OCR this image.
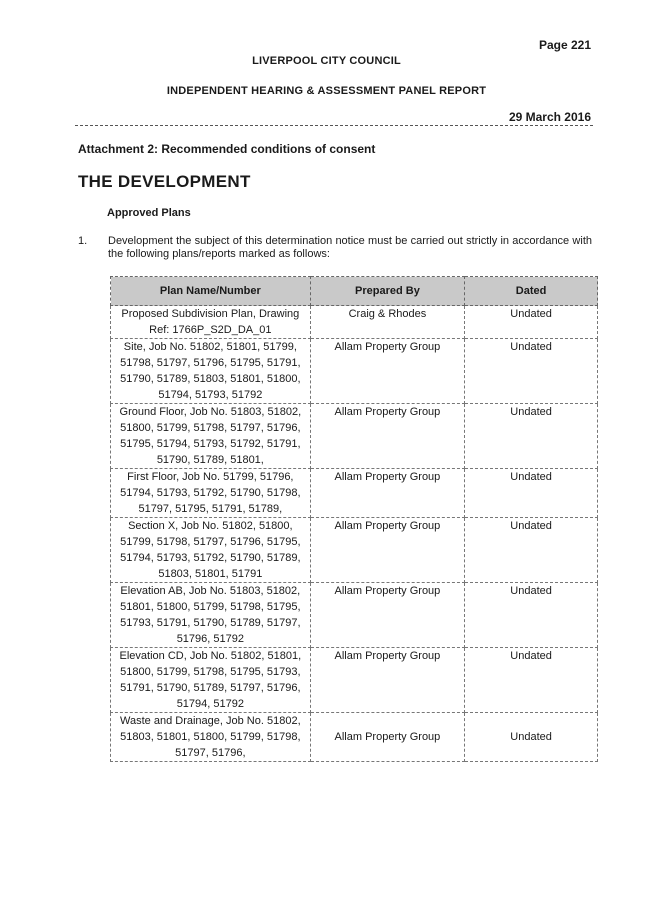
Page 221
LIVERPOOL CITY COUNCIL
INDEPENDENT HEARING & ASSESSMENT PANEL REPORT
29 March 2016
Attachment 2: Recommended conditions of consent
THE DEVELOPMENT
Approved Plans
1. Development the subject of this determination notice must be carried out strictly in accordance with the following plans/reports marked as follows:
Plan Name/Number	Prepared By	Dated
Proposed Subdivision Plan, Drawing Ref: 1766P_S2D_DA_01	Craig & Rhodes	Undated
Site, Job No. 51802, 51801, 51799, 51798, 51797, 51796, 51795, 51791, 51790, 51789, 51803, 51801, 51800, 51794, 51793, 51792	Allam Property Group	Undated
Ground Floor, Job No. 51803, 51802, 51800, 51799, 51798, 51797, 51796, 51795, 51794, 51793, 51792, 51791, 51790, 51789, 51801,	Allam Property Group	Undated
First Floor, Job No. 51799, 51796, 51794, 51793, 51792, 51790, 51798, 51797, 51795, 51791, 51789,	Allam Property Group	Undated
Section X, Job No. 51802, 51800, 51799, 51798, 51797, 51796, 51795, 51794, 51793, 51792, 51790, 51789, 51803, 51801, 51791	Allam Property Group	Undated
Elevation AB, Job No. 51803, 51802, 51801, 51800, 51799, 51798, 51795, 51793, 51791, 51790, 51789, 51797, 51796, 51792	Allam Property Group	Undated
Elevation CD, Job No. 51802, 51801, 51800, 51799, 51798, 51795, 51793, 51791, 51790, 51789, 51797, 51796, 51794, 51792	Allam Property Group	Undated
Waste and Drainage, Job No. 51802, 51803, 51801, 51800, 51799, 51798, 51797, 51796,	Allam Property Group	Undated
